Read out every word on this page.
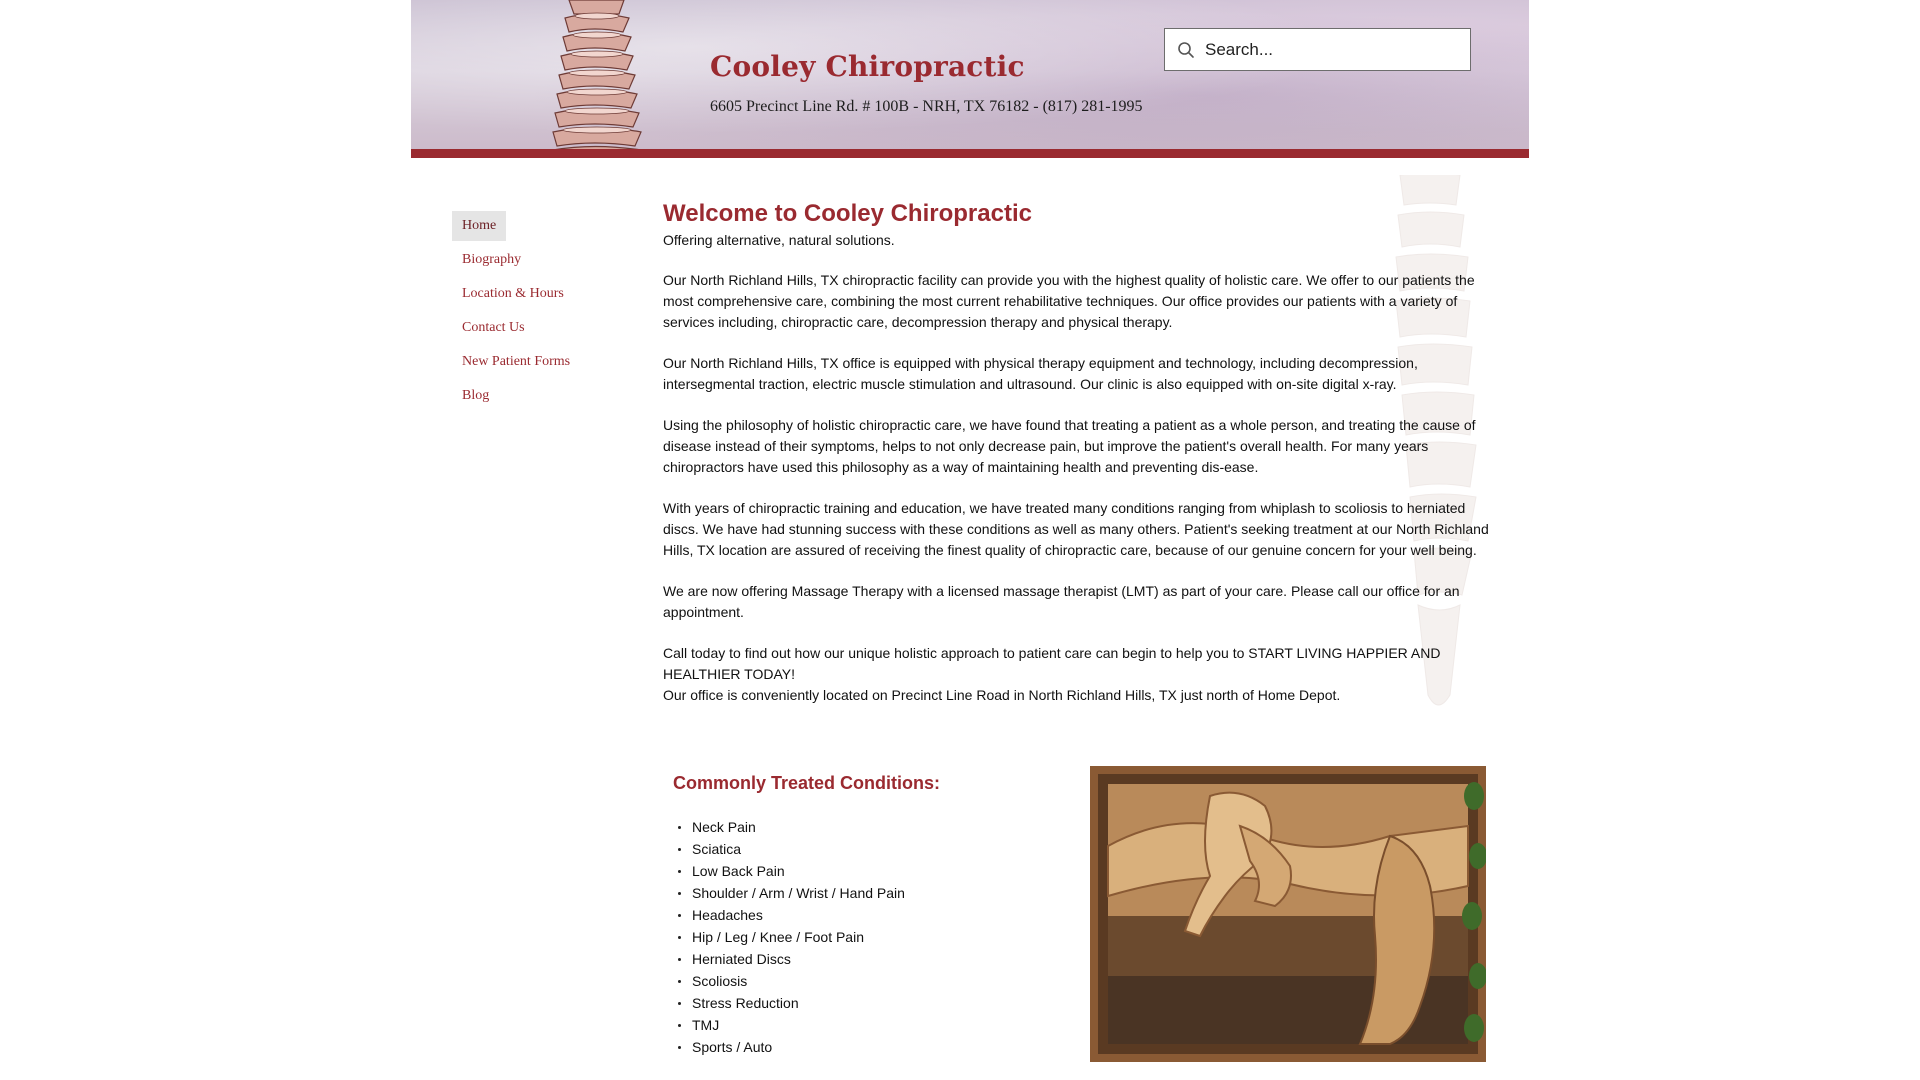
Cooley Chiropractic

6605 Precinct Line Rd. # 100B - NRH, TX 76182 - (817) 281-1995

Search...
Home
Biography
Location & Hours
Contact Us
New Patient Forms
Blog
Welcome to Cooley Chiropractic

Offering alternative, natural solutions.

Our North Richland Hills, TX chiropractic facility can provide you with the highest quality of holistic care. We offer to our patients the most comprehensive care, combining the most current rehabilitative techniques. Our office provides our patients with a variety of services including, chiropractic care, decompression therapy and physical therapy.

Our North Richland Hills, TX office is equipped with physical therapy equipment and technology, including decompression, intersegmental traction, electric muscle stimulation and ultrasound. Our clinic is also equipped with on-site digital x-ray.

Using the philosophy of holistic chiropractic care, we have found that treating a patient as a whole person, and treating the cause of disease instead of their symptoms, helps to not only decrease pain, but improve the patient's overall health. For many years chiropractors have used this philosophy as a way of maintaining health and preventing dis-ease.

With years of chiropractic training and education, we have treated many conditions ranging from whiplash to scoliosis to herniated discs. We have had stunning success with these conditions as well as many others. Patient's seeking treatment at our North Richland Hills, TX location are assured of receiving the finest quality of chiropractic care, because of our genuine concern for your well being.

We are now offering Massage Therapy with a licensed massage therapist (LMT) as part of your care. Please call our office for an appointment.

Call today to find out how our unique holistic approach to patient care can begin to help you to START LIVING HAPPIER AND HEALTHIER TODAY!

Our office is conveniently located on Precinct Line Road in North Richland Hills, TX just north of Home Depot.

Commonly Treated Conditions:
Neck Pain
Sciatica
Low Back Pain
Shoulder / Arm / Wrist / Hand Pain
Headaches
Hip / Leg / Knee / Foot Pain
Herniated Discs
Scoliosis
Stress Reduction
TMJ
Sports / Auto
